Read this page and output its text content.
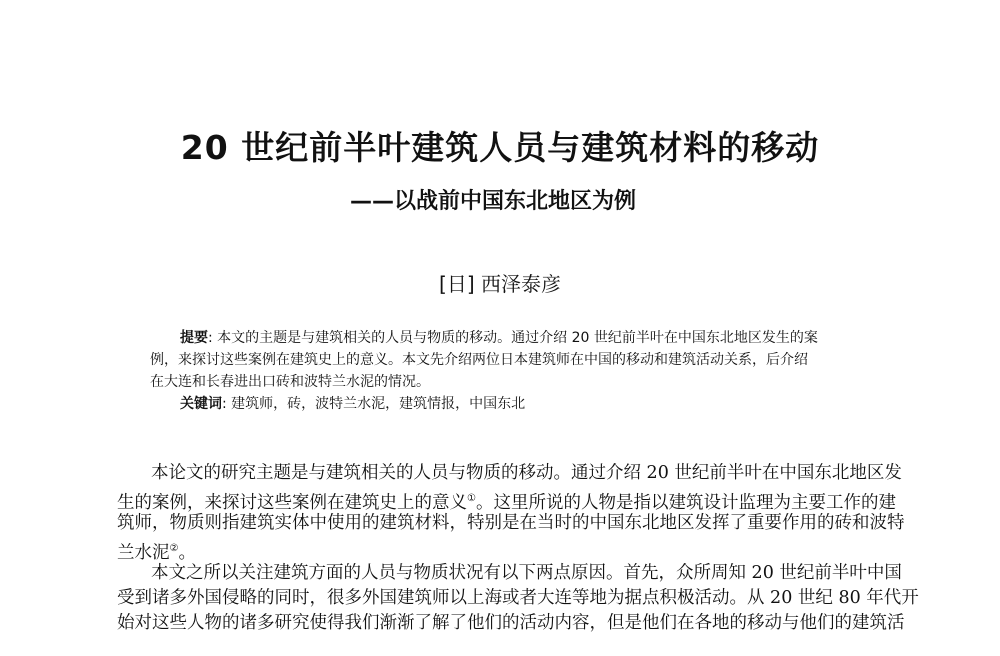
20 世纪前半叶建筑人员与建筑材料的移动
——以战前中国东北地区为例
[日] 西泽泰彦
提要: 本文的主题是与建筑相关的人员与物质的移动。通过介绍 20 世纪前半叶在中国东北地区发生的案
例，来探讨这些案例在建筑史上的意义。本文先介绍两位日本建筑师在中国的移动和建筑活动关系，后介绍
在大连和长春进出口砖和波特兰水泥的情况。
关键词: 建筑师，砖，波特兰水泥，建筑情报，中国东北
本论文的研究主题是与建筑相关的人员与物质的移动。通过介绍 20 世纪前半叶在中国东北地区发
生的案例，来探讨这些案例在建筑史上的意义①。这里所说的人物是指以建筑设计监理为主要工作的建
筑师，物质则指建筑实体中使用的建筑材料，特别是在当时的中国东北地区发挥了重要作用的砖和波特
兰水泥②。
本文之所以关注建筑方面的人员与物质状况有以下两点原因。首先，众所周知 20 世纪前半叶中国
受到诸多外国侵略的同时，很多外国建筑师以上海或者大连等地为据点积极活动。从 20 世纪 80 年代开
始对这些人物的诸多研究使得我们渐渐了解了他们的活动内容，但是他们在各地的移动与他们的建筑活
